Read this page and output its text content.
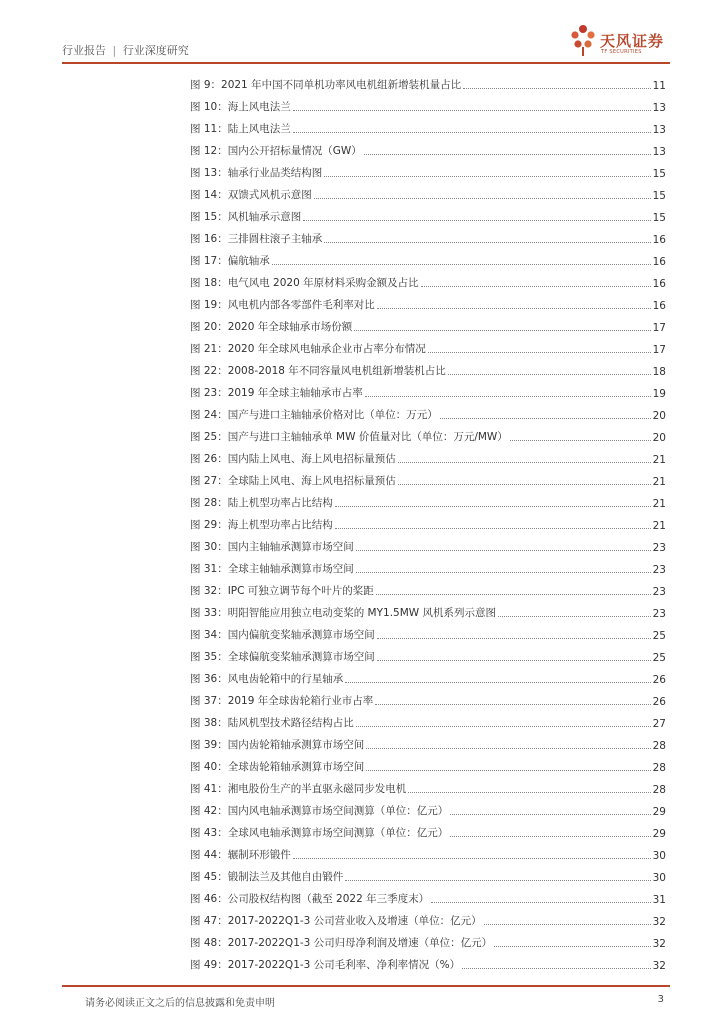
行业报告 | 行业深度研究
天风证券
TF SECURITIES
图 9：2021 年中国不同单机功率风电机组新增装机量占比	11
图 10：海上风电法兰	13
图 11：陆上风电法兰	13
图 12：国内公开招标量情况（GW）	13
图 13：轴承行业品类结构图	15
图 14：双馈式风机示意图	15
图 15：风机轴承示意图	15
图 16：三排圆柱滚子主轴承	16
图 17：偏航轴承	16
图 18：电气风电 2020 年原材料采购金额及占比	16
图 19：风电机内部各零部件毛利率对比	16
图 20：2020 年全球轴承市场份额	17
图 21：2020 年全球风电轴承企业市占率分布情况	17
图 22：2008-2018 年不同容量风电机组新增装机占比	18
图 23：2019 年全球主轴轴承市占率	19
图 24：国产与进口主轴轴承价格对比（单位：万元）	20
图 25：国产与进口主轴轴承单 MW 价值量对比（单位：万元/MW）	20
图 26：国内陆上风电、海上风电招标量预估	21
图 27：全球陆上风电、海上风电招标量预估	21
图 28：陆上机型功率占比结构	21
图 29：海上机型功率占比结构	21
图 30：国内主轴轴承测算市场空间	23
图 31：全球主轴轴承测算市场空间	23
图 32：IPC 可独立调节每个叶片的桨距	23
图 33：明阳智能应用独立电动变桨的 MY1.5MW 风机系列示意图	23
图 34：国内偏航变桨轴承测算市场空间	25
图 35：全球偏航变桨轴承测算市场空间	25
图 36：风电齿轮箱中的行星轴承	26
图 37：2019 年全球齿轮箱行业市占率	26
图 38：陆风机型技术路径结构占比	27
图 39：国内齿轮箱轴承测算市场空间	28
图 40：全球齿轮箱轴承测算市场空间	28
图 41：湘电股份生产的半直驱永磁同步发电机	28
图 42：国内风电轴承测算市场空间测算（单位：亿元）	29
图 43：全球风电轴承测算市场空间测算（单位：亿元）	29
图 44：辗制环形锻件	30
图 45：锻制法兰及其他自由锻件	30
图 46：公司股权结构图（截至 2022 年三季度末）	31
图 47：2017-2022Q1-3 公司营业收入及增速（单位：亿元）	32
图 48：2017-2022Q1-3 公司归母净利润及增速（单位：亿元）	32
图 49：2017-2022Q1-3 公司毛利率、净利率情况（%）	32
请务必阅读正文之后的信息披露和免责申明	3
